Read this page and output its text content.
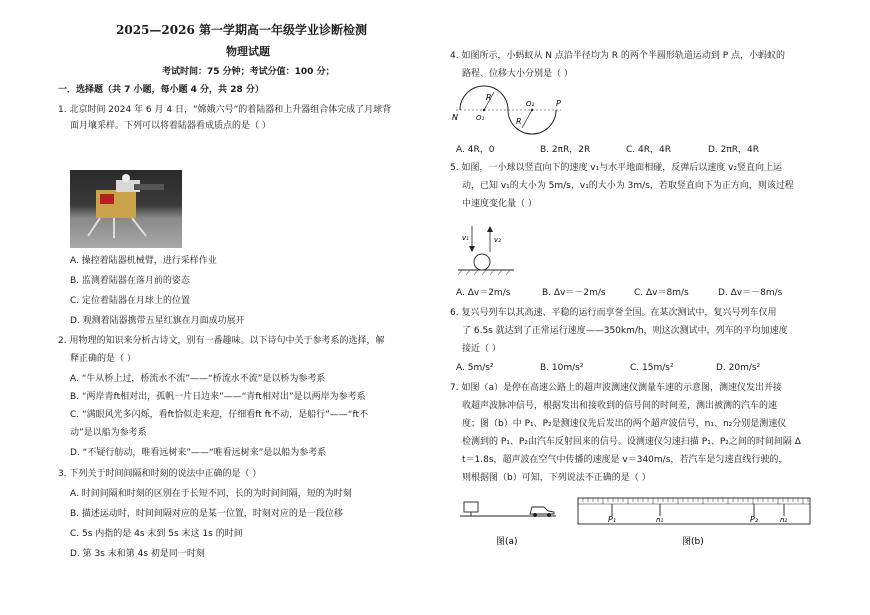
2025—2026 第一学期高一年级学业诊断检测
物理试题
考试时间：75 分钟；考试分值：100 分；
一．选择题（共 7 小题，每小题 4 分，共 28 分）
1. 北京时间 2024 年 6 月 4 日，“嫦娥六号”的着陆器和上升器组合体完成了月球背
面月壤采样。下列可以将着陆器看成质点的是（ ）
A. 操控着陆器机械臂，进行采样作业
B. 监测着陆器在落月前的姿态
C. 定位着陆器在月球上的位置
D. 观测着陆器携带五星红旗在月面成功展开
2. 用物理的知识来分析古诗文，别有一番趣味。以下诗句中关于参考系的选择，解
释正确的是（ ）
A. “牛从桥上过，桥流水不流”——“桥流水不流”是以桥为参考系
B. “两岸青ft相对出，孤帆一片日边来”——“青ft相对出”是以两岸为参考系
C. “满眼风光多闪烁，看ft恰似走来迎，仔细看ft ft不动，是船行”——“ft不
动”是以船为参考系
D. “不疑行舫动，唯看远树来”——“唯看远树来”是以船为参考系
3. 下列关于时间间隔和时刻的说法中正确的是（ ）
A. 时间间隔和时刻的区别在于长短不同，长的为时间间隔，短的为时刻
B. 描述运动时，时间间隔对应的是某一位置，时刻对应的是一段位移
C. 5s 内指的是 4s 末到 5s 末这 1s 的时间
D. 第 3s 末和第 4s 初是同一时刻
4. 如图所示，小蚂蚁从 N 点沿半径均为 R 的两个半圆形轨道运动到 P 点，小蚂蚁的
路程、位移大小分别是（ ）
R
R
O₁
O₂
N
P
A. 4R，0	B. 2πR，2R	C. 4R，4R	D. 2πR，4R
5. 如图，一小球以竖直向下的速度 v₁与水平地面相碰，反弹后以速度 v₂竖直向上运
动，已知 v₁的大小为 5m/s，v₁的大小为 3m/s，若取竖直向下为正方向，则该过程
中速度变化量（ ）
v₁	v₂
A. Δv＝2m/s	B. Δv＝－2m/s	C. Δv＝8m/s	D. Δv＝－8m/s
6. 复兴号列车以其高速、平稳的运行而享誉全国。在某次测试中，复兴号列车仅用
了 6.5s 就达到了正常运行速度——350km/h，则这次测试中，列车的平均加速度
接近（ ）
A. 5m/s²	B. 10m/s²	C. 15m/s²	D. 20m/s²
7. 如图（a）是停在高速公路上的超声波测速仪测量车速的示意图，测速仪发出并接
收超声波脉冲信号，根据发出和接收到的信号间的时间差，测出被测的汽车的速
度；图（b）中 P₁、P₂是测速仪先后发出的两个超声波信号，n₁、n₂分别是测速仪
检测到的 P₁、P₂由汽车反射回来的信号。设测速仪匀速扫描 P₁、P₂之间的时间间隔 Δ
t＝1.8s，超声波在空气中传播的速度是 v＝340m/s，若汽车是匀速直线行驶的，
则根据图（b）可知，下列说法不正确的是（ ）
图(a)
P₁	n₁	P₂	n₂
图(b)
